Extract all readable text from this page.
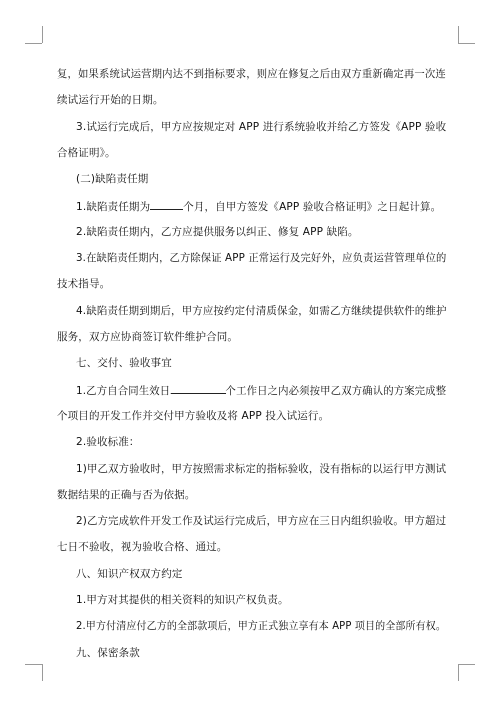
复，如果系统试运营期内达不到指标要求，则应在修复之后由双方重新确定再一次连
续试运行开始的日期。
3.试运行完成后，甲方应按规定对 APP 进行系统验收并给乙方签发《APP 验收
合格证明》。
(二)缺陷责任期
1.缺陷责任期为	个月，自甲方签发《APP 验收合格证明》之日起计算。
2.缺陷责任期内，乙方应提供服务以纠正、修复 APP 缺陷。
3.在缺陷责任期内，乙方除保证 APP 正常运行及完好外，应负责运营管理单位的
技术指导。
4.缺陷责任期到期后，甲方应按约定付清质保金，如需乙方继续提供软件的维护
服务，双方应协商签订软件维护合同。
七、交付、验收事宜
1.乙方自合同生效日	个工作日之内必须按甲乙双方确认的方案完成整
个项目的开发工作并交付甲方验收及将 APP 投入试运行。
2.验收标准：
1)甲乙双方验收时，甲方按照需求标定的指标验收，没有指标的以运行甲方测试
数据结果的正确与否为依据。
2)乙方完成软件开发工作及试运行完成后，甲方应在三日内组织验收。甲方超过
七日不验收，视为验收合格、通过。
八、知识产权双方约定
1.甲方对其提供的相关资料的知识产权负责。
2.甲方付清应付乙方的全部款项后，甲方正式独立享有本 APP 项目的全部所有权。
九、保密条款
